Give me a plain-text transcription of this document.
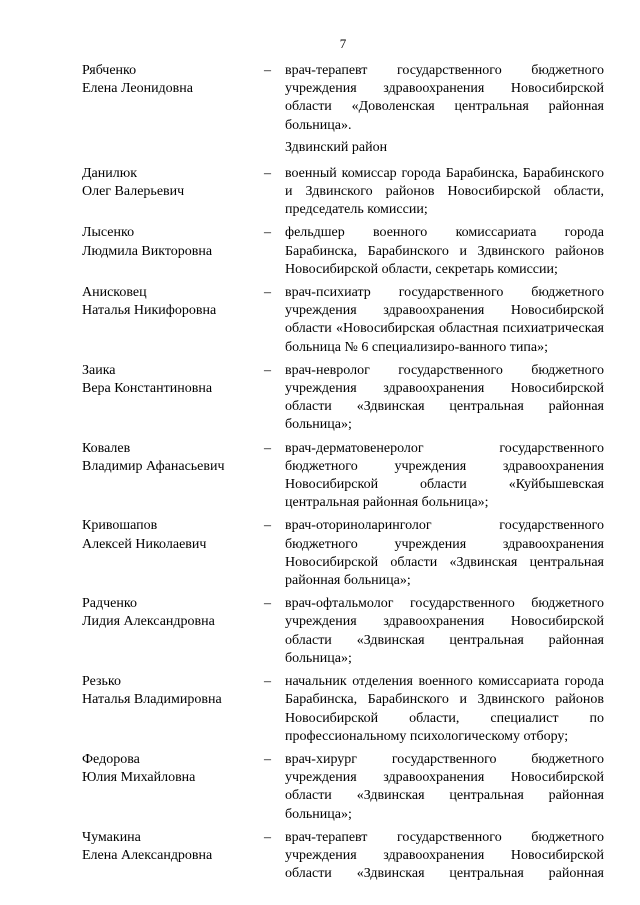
7
Рябченко
Елена Леонидовна
– врач-терапевт государственного бюджетного учреждения здравоохранения Новосибирской области «Доволенская центральная районная больница».
Здвинский район
Данилюк
Олег Валерьевич
– военный комиссар города Барабинска, Барабинского и Здвинского районов Новосибирской области, председатель комиссии;
Лысенко
Людмила Викторовна
– фельдшер военного комиссариата города Барабинска, Барабинского и Здвинского районов Новосибирской области, секретарь комиссии;
Анисковец
Наталья Никифоровна
– врач-психиатр государственного бюджетного учреждения здравоохранения Новосибирской области «Новосибирская областная психиатрическая больница № 6 специализиро-ванного типа»;
Заика
Вера Константиновна
– врач-невролог государственного бюджетного учреждения здравоохранения Новосибирской области «Здвинская центральная районная больница»;
Ковалев
Владимир Афанасьевич
– врач-дерматовенеролог государственного бюджетного учреждения здравоохранения Новосибирской области «Куйбышевская центральная районная больница»;
Кривошапов
Алексей Николаевич
– врач-оториноларинголог государственного бюджетного учреждения здравоохранения Новосибирской области «Здвинская центральная районная больница»;
Радченко
Лидия Александровна
– врач-офтальмолог государственного бюджетного учреждения здравоохранения Новосибирской области «Здвинская центральная районная больница»;
Резько
Наталья Владимировна
– начальник отделения военного комиссариата города Барабинска, Барабинского и Здвинского районов Новосибирской области, специалист по профессиональному психологическому отбору;
Федорова
Юлия Михайловна
– врач-хирург государственного бюджетного учреждения здравоохранения Новосибирской области «Здвинская центральная районная больница»;
Чумакина
Елена Александровна
– врач-терапевт государственного бюджетного учреждения здравоохранения Новосибирской области «Здвинская центральная районная
